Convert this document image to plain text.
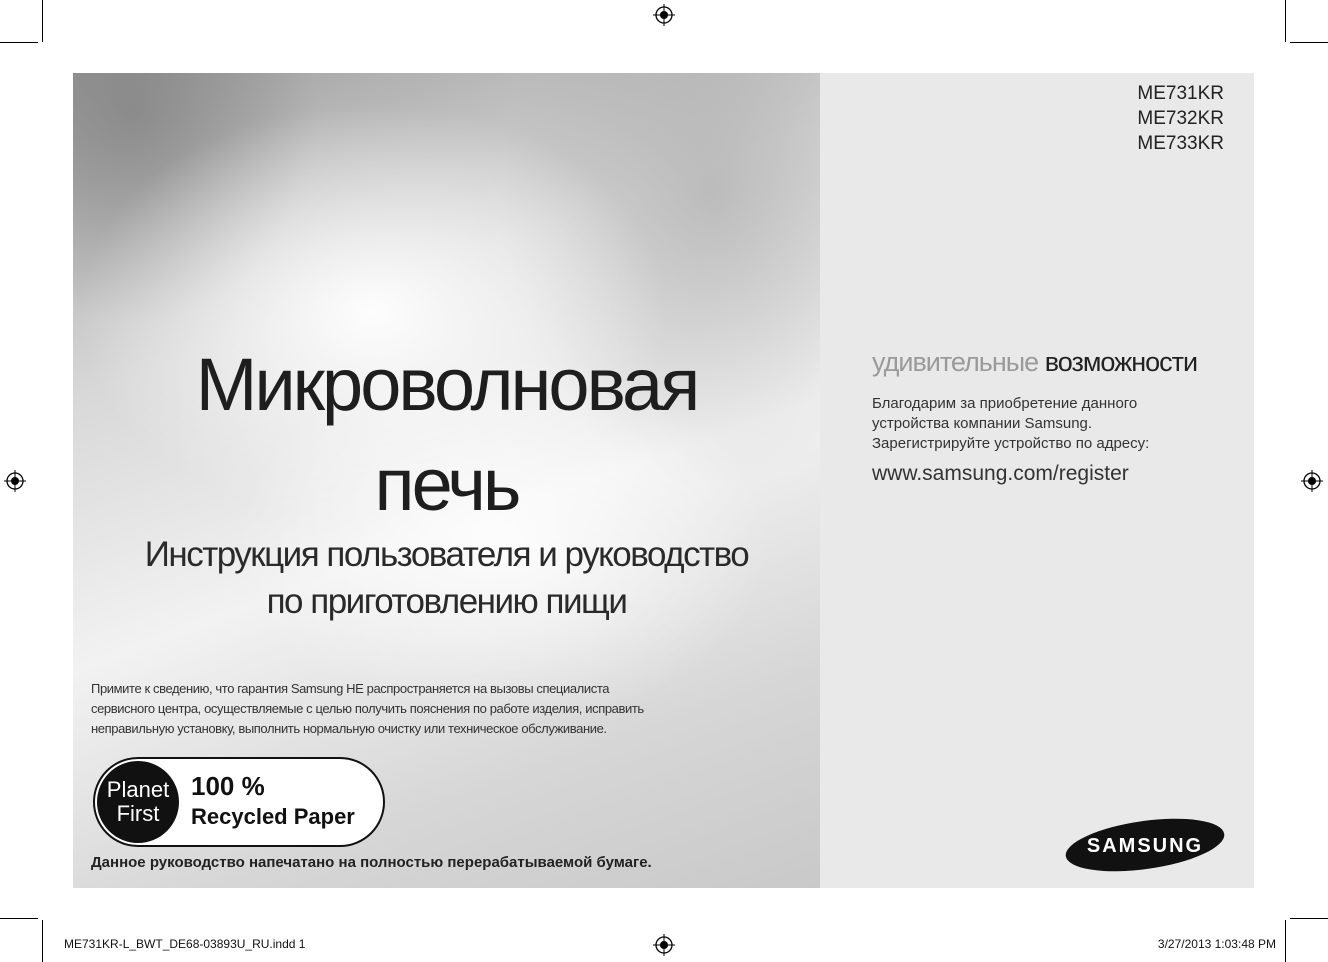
Микроволновая
печь
Инструкция пользователя и руководство
по приготовлению пищи
Примите к сведению, что гарантия Samsung НЕ распространяется на вызовы специалиста
сервисного центра, осуществляемые с целью получить пояснения по работе изделия, исправить
неправильную установку, выполнить нормальную очистку или техническое обслуживание.
Planet
First
100 %
Recycled Paper
Данное руководство напечатано на полностью перерабатываемой бумаге.
ME731KR
ME732KR
ME733KR
удивительные возможности
Благодарим за приобретение данного
устройства компании Samsung.
Зарегистрируйте устройство по адресу:
www.samsung.com/register
SAMSUNG
ME731KR-L_BWT_DE68-03893U_RU.indd 1	3/27/2013 1:03:48 PM
